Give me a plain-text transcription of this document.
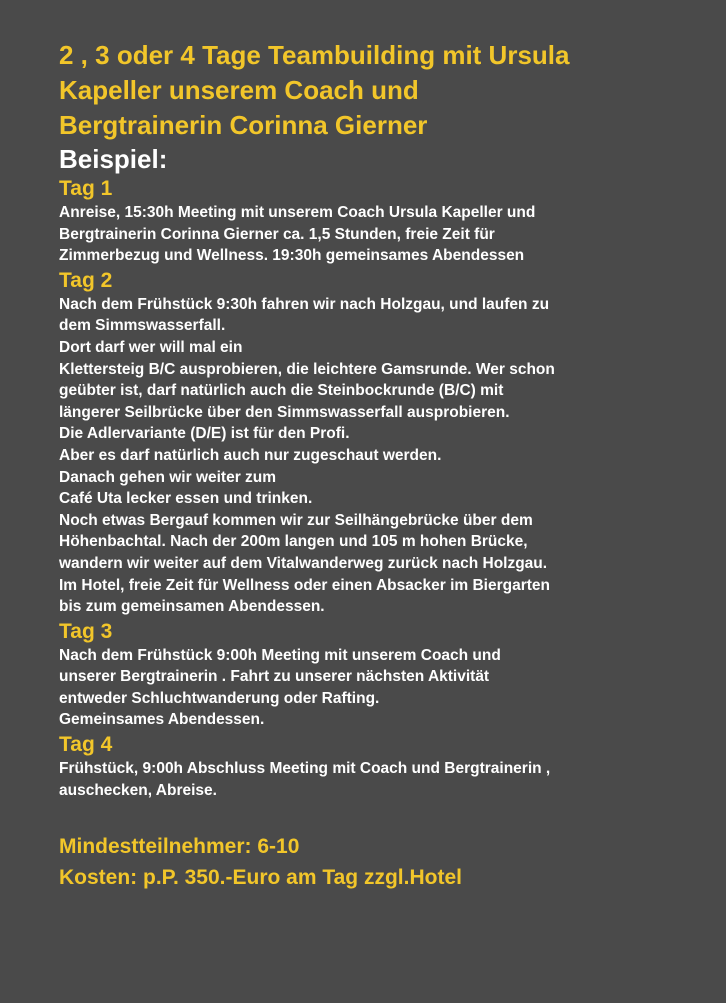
2 , 3 oder 4 Tage Teambuilding mit Ursula
Kapeller unserem Coach und
Bergtrainerin Corinna Gierner
Beispiel:
Tag 1

Anreise, 15:30h Meeting mit unserem Coach Ursula Kapeller und
Bergtrainerin Corinna Gierner ca. 1,5 Stunden, freie Zeit für
Zimmerbezug und Wellness. 19:30h gemeinsames Abendessen

Tag 2

Nach dem Frühstück 9:30h fahren wir nach Holzgau, und laufen zu
dem Simmswasserfall.
Dort darf wer will mal ein
Klettersteig B/C ausprobieren, die leichtere Gamsrunde. Wer schon
geübter ist, darf natürlich auch die Steinbockrunde (B/C) mit
längerer Seilbrücke über den Simmswasserfall ausprobieren.
Die Adlervariante (D/E) ist für den Profi.
Aber es darf natürlich auch nur zugeschaut werden.
Danach gehen wir weiter zum
Café Uta lecker essen und trinken.
Noch etwas Bergauf kommen wir zur Seilhängebrücke über dem
Höhenbachtal. Nach der 200m langen und 105 m hohen Brücke,
wandern wir weiter auf dem Vitalwanderweg zurück nach Holzgau.
Im Hotel, freie Zeit für Wellness oder einen Absacker im Biergarten
bis zum gemeinsamen Abendessen.

Tag 3

Nach dem Frühstück 9:00h Meeting mit unserem Coach und
unserer Bergtrainerin . Fahrt zu unserer nächsten Aktivität
entweder Schluchtwanderung oder Rafting.
Gemeinsames Abendessen.

Tag 4

Frühstück, 9:00h Abschluss Meeting mit Coach und Bergtrainerin ,
auschecken, Abreise.

Mindestteilnehmer: 6-10

Kosten: p.P. 350.-Euro am Tag zzgl.Hotel
